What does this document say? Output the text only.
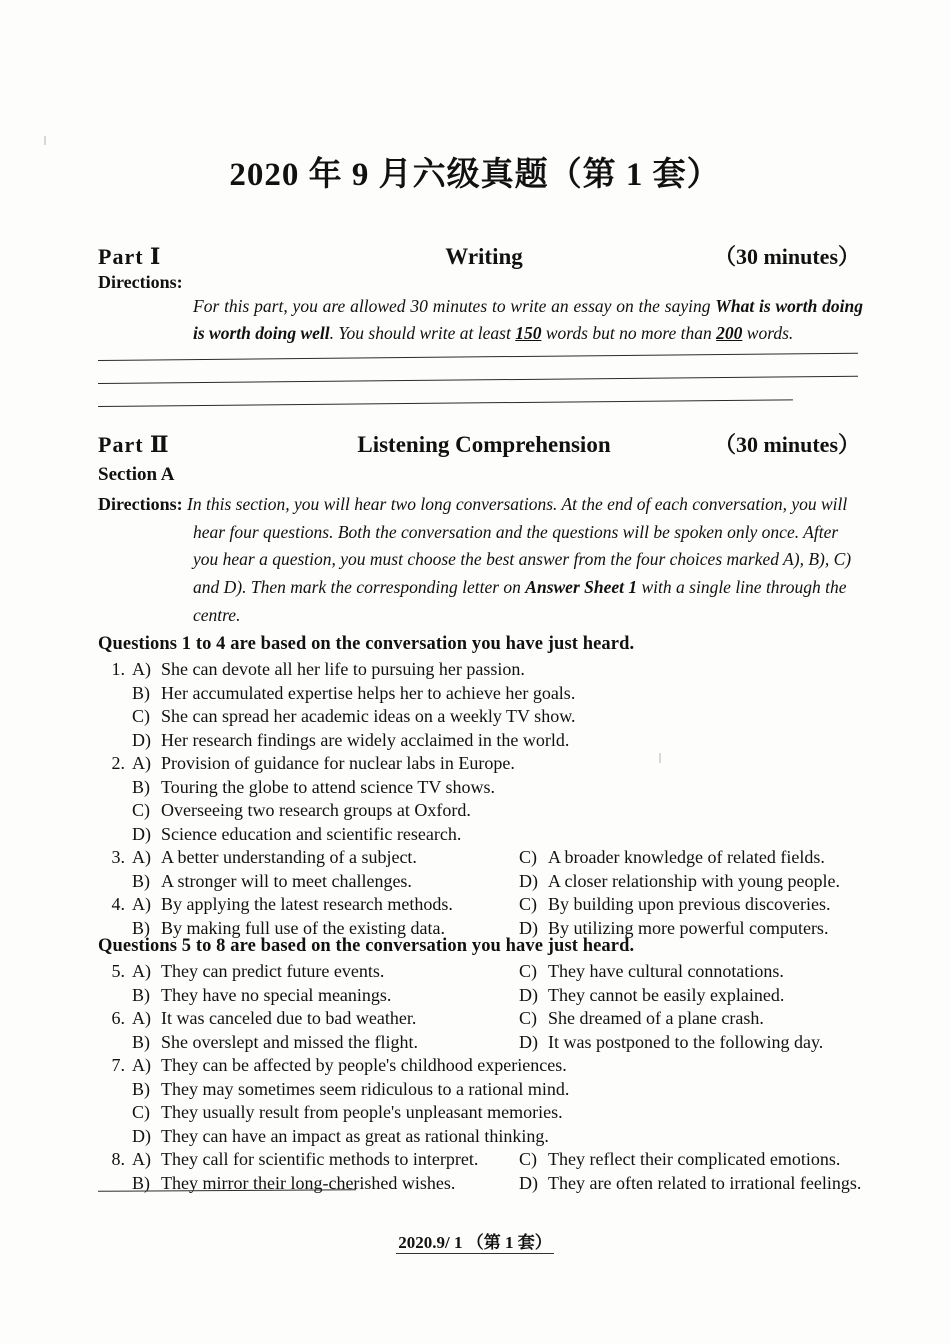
2020 年 9 月六级真题（第 1 套）
Part Ⅰ	Writing	（30 minutes）
Directions:
For this part, you are allowed 30 minutes to write an essay on the saying What is worth doing is worth doing well. You should write at least 150 words but no more than 200 words.
Part Ⅱ	Listening Comprehension	（30 minutes）
Section A
Directions: In this section, you will hear two long conversations. At the end of each conversation, you will hear four questions. Both the conversation and the questions will be spoken only once. After you hear a question, you must choose the best answer from the four choices marked A), B), C) and D). Then mark the corresponding letter on Answer Sheet 1 with a single line through the centre.
Questions 1 to 4 are based on the conversation you have just heard.
1. A) She can devote all her life to pursuing her passion.
B) Her accumulated expertise helps her to achieve her goals.
C) She can spread her academic ideas on a weekly TV show.
D) Her research findings are widely acclaimed in the world.
2. A) Provision of guidance for nuclear labs in Europe.
B) Touring the globe to attend science TV shows.
C) Overseeing two research groups at Oxford.
D) Science education and scientific research.
3. A) A better understanding of a subject.	C) A broader knowledge of related fields.
B) A stronger will to meet challenges.	D) A closer relationship with young people.
4. A) By applying the latest research methods.	C) By building upon previous discoveries.
B) By making full use of the existing data.	D) By utilizing more powerful computers.
Questions 5 to 8 are based on the conversation you have just heard.
5. A) They can predict future events.	C) They have cultural connotations.
B) They have no special meanings.	D) They cannot be easily explained.
6. A) It was canceled due to bad weather.	C) She dreamed of a plane crash.
B) She overslept and missed the flight.	D) It was postponed to the following day.
7. A) They can be affected by people's childhood experiences.
B) They may sometimes seem ridiculous to a rational mind.
C) They usually result from people's unpleasant memories.
D) They can have an impact as great as rational thinking.
8. A) They call for scientific methods to interpret. C) They reflect their complicated emotions.
B) They mirror their long-cherished wishes.	D) They are often related to irrational feelings.
2020.9/ 1 （第 1 套）
